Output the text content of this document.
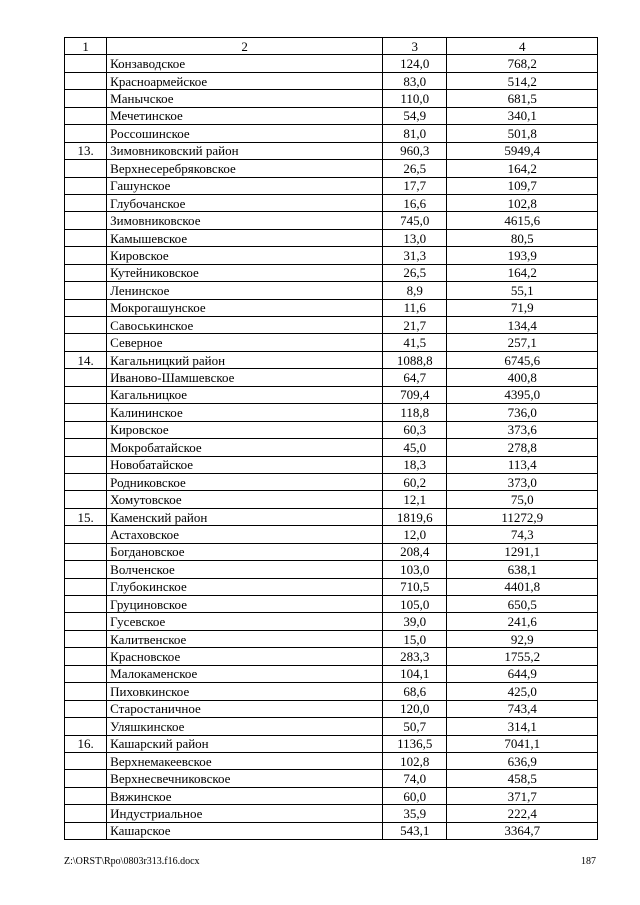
1	2	3	4
	Конзаводское	124,0	768,2
	Красноармейское	83,0	514,2
	Манычское	110,0	681,5
	Мечетинское	54,9	340,1
	Россошинское	81,0	501,8
13.	Зимовниковский район	960,3	5949,4
	Верхнесеребряковское	26,5	164,2
	Гашунское	17,7	109,7
	Глубочанское	16,6	102,8
	Зимовниковское	745,0	4615,6
	Камышевское	13,0	80,5
	Кировское	31,3	193,9
	Кутейниковское	26,5	164,2
	Ленинское	8,9	55,1
	Мокрогашунское	11,6	71,9
	Савоськинское	21,7	134,4
	Северное	41,5	257,1
14.	Кагальницкий район	1088,8	6745,6
	Иваново-Шамшевское	64,7	400,8
	Кагальницкое	709,4	4395,0
	Калининское	118,8	736,0
	Кировское	60,3	373,6
	Мокробатайское	45,0	278,8
	Новобатайское	18,3	113,4
	Родниковское	60,2	373,0
	Хомутовское	12,1	75,0
15.	Каменский район	1819,6	11272,9
	Астаховское	12,0	74,3
	Богдановское	208,4	1291,1
	Волченское	103,0	638,1
	Глубокинское	710,5	4401,8
	Груциновское	105,0	650,5
	Гусевское	39,0	241,6
	Калитвенское	15,0	92,9
	Красновское	283,3	1755,2
	Малокаменское	104,1	644,9
	Пиховкинское	68,6	425,0
	Старостаничное	120,0	743,4
	Уляшкинское	50,7	314,1
16.	Кашарский район	1136,5	7041,1
	Верхнемакеевское	102,8	636,9
	Верхнесвечниковское	74,0	458,5
	Вяжинское	60,0	371,7
	Индустриальное	35,9	222,4
	Кашарское	543,1	3364,7
Z:\ORST\Rpo\0803r313.f16.docx	187
